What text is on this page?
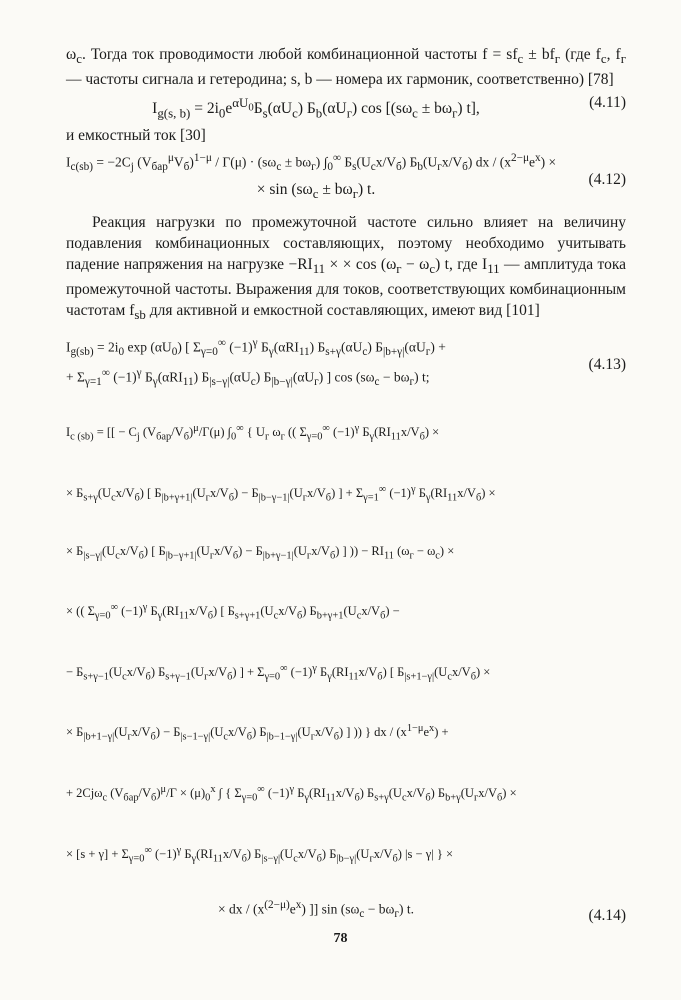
$\omega_c$. Тогда ток проводимости любой комбинационной частоты $f = sf_c \pm bf_г$ (где $f_c$, $f_г$ — частоты сигнала и гетеродина; s, b — номера их гармоник, соответственно) [78]

$I_{g(s, b)} = 2i_0e^{\alpha U_0}Б_s(\alpha U_c)$ $Б_b(\alpha U_г)$ $\cos [(s\omega_c \pm b\omega_г)$ t],	(4.11)

и емкостный ток [30]

$I_{c(sb)} = -2C_j$ $(V_{бар}^\mu V_б)^{1-\mu} / \Gamma(\mu) \cdot (s\omega_c \pm b\omega_г)$ $\int_0^\infty$ $Б_s(U_cx/V_б)$ $Б_b(U_гx/V_б)$ dx / $(x^{2-\mu}e^x)$ ×
× $\sin (s\omega_c \pm b\omega_г)$ t.
(4.12)

Реакция нагрузки по промежуточной частоте сильно влияет на величину подавления комбинационных составляющих, поэтому необходимо учитывать падение напряжения на нагрузке $-RI_{11}$ × × $\cos (\omega_г - \omega_c)$ t, где $I_{11}$ — амплитуда тока промежуточной частоты. Выражения для токов, соответствующих комбинационным частотам $f_{sb}$ для активной и емкостной составляющих, имеют вид [101]

$I_{g(sb)} = 2i_0$ $\exp (\alpha U_0)$ [ $\Sigma_{\gamma=0}^\infty$ $(-1)^\gamma$ $Б_\gamma(\alpha RI_{11})$ $Б_{s+\gamma}(\alpha U_c) Б_{|b+\gamma|}(\alpha U_г)$ +
+ $\Sigma_{\gamma=1}^\infty$ $(-1)^\gamma$ $Б_\gamma(\alpha RI_{11})$ $Б_{|s-\gamma|}(\alpha U_c)$ $Б_{|b-\gamma|}(\alpha U_г)$ ] $\cos (s\omega_c - b\omega_г)$ t;
(4.13)
$I_{c (sb)}$ = [[ − $C_j$ $(V_{бар}/V_б)^\mu/\Gamma(\mu)$ $\int_0^\infty$ { $U_г$ $\omega_г$ (( $\Sigma_{\gamma=0}^\infty$ $(-1)^\gamma$ $Б_\gamma(RI_{11}x/V_б)$ ×
× $Б_{s+\gamma}(U_cx/V_б)$ [ $Б_{|b+\gamma+1|}(U_гx/V_б) - Б_{|b-\gamma-1|}(U_гx/V_б)$ ] + $\Sigma_{\gamma=1}^\infty$ $(-1)^\gamma$ $Б_\gamma(RI_{11}x/V_б)$ ×
× $Б_{|s-\gamma|}(U_cx/V_б)$ [ $Б_{|b-\gamma+1|}(U_гx/V_б) - Б_{|b+\gamma-1|}(U_гx/V_б)$ ] )) − $RI_{11}$ $(\omega_г - \omega_c)$ ×
× (( $\Sigma_{\gamma=0}^\infty$ $(-1)^\gamma$ $Б_\gamma(RI_{11}x/V_б)$ [ $Б_{s+\gamma+1}(U_cx/V_б) Б_{b+\gamma+1}(U_cx/V_б)$ −
− $Б_{s+\gamma-1}(U_cx/V_б)$ $Б_{s+\gamma-1}(U_гx/V_б)$ ] + $\Sigma_{\gamma=0}^\infty$ $(-1)^\gamma$ $Б_\gamma(RI_{11}x/V_б)$ [ $Б_{|s+1-\gamma|}(U_cx/V_б)$ ×
× $Б_{|b+1-\gamma|}(U_гx/V_б) - Б_{|s-1-\gamma|}(U_cx/V_б)$ $Б_{|b-1-\gamma|}(U_гx/V_б)$ ] )) } dx / $(x^{1-\mu}e^x)$ +
+ 2Cjω$_c$ $(V_{бар}/V_б)^\mu/\Gamma \times (\mu)_0^x$ ∫ { $\Sigma_{\gamma=0}^\infty$ $(-1)^\gamma$ $Б_\gamma(RI_{11}x/V_б)$ $Б_{s+\gamma}(U_cx/V_б) Б_{b+\gamma}(U_гx/V_б)$ ×
× $[s + \gamma] + \Sigma_{\gamma=0}^\infty$ $(-1)^\gamma$ $Б_\gamma(RI_{11}x/V_б)$ $Б_{|s-\gamma|}(U_cx/V_б)$ $Б_{|b-\gamma|}(U_гx/V_б) |s - \gamma|$ } ×
× dx / $(x^{(2-\mu)}e^x)$ ]] $\sin (s\omega_c - b\omega_г)$ t.	(4.14)
78
